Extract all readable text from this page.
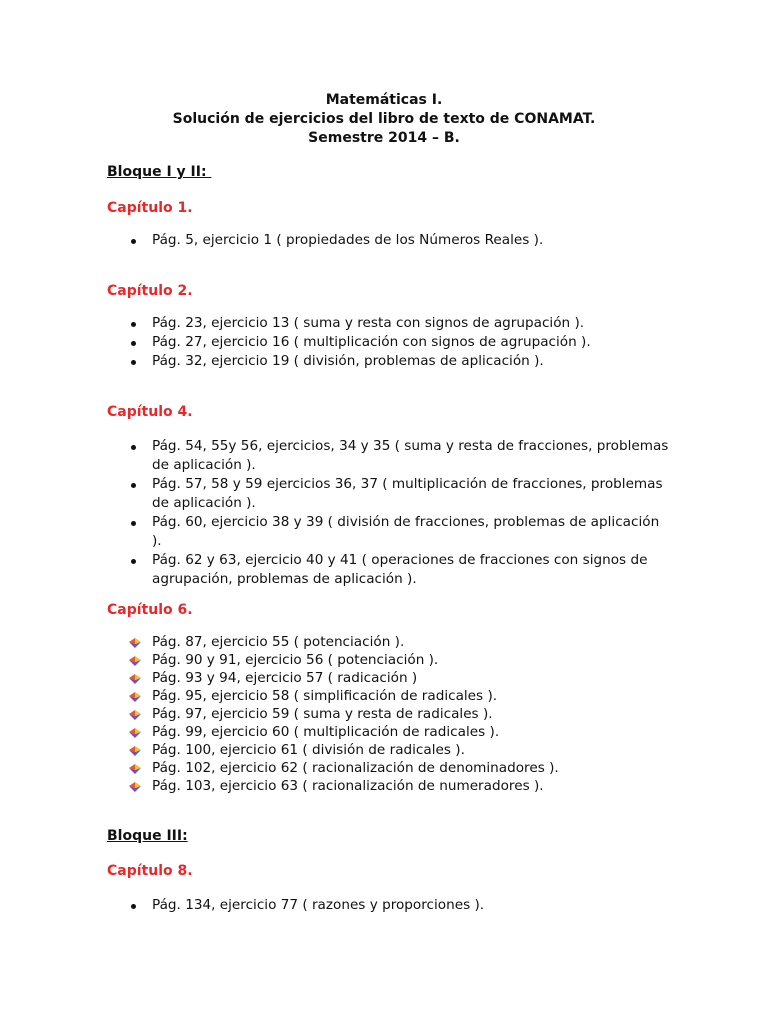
Matemáticas I.
Solución de ejercicios del libro de texto de CONAMAT.
Semestre 2014 – B.
Bloque I y II:
Capítulo 1.
Pág. 5, ejercicio 1 ( propiedades de los Números Reales ).
Capítulo 2.
Pág. 23, ejercicio 13 ( suma y resta con signos de agrupación ).
Pág. 27, ejercicio 16 ( multiplicación con signos de agrupación ).
Pág. 32, ejercicio 19 ( división, problemas de aplicación ).
Capítulo 4.
Pág. 54, 55y 56, ejercicios, 34 y 35 ( suma y resta de fracciones, problemas de aplicación ).
Pág. 57, 58 y 59 ejercicios 36, 37 ( multiplicación de fracciones, problemas de aplicación ).
Pág. 60, ejercicio 38 y 39 ( división de fracciones, problemas de aplicación ).
Pág. 62 y 63, ejercicio 40 y 41 ( operaciones de fracciones con signos de agrupación, problemas de aplicación ).
Capítulo 6.
Pág. 87, ejercicio 55 ( potenciación ).
Pág. 90 y 91, ejercicio 56 ( potenciación ).
Pág. 93 y 94, ejercicio 57 ( radicación )
Pág. 95, ejercicio 58 ( simplificación de radicales ).
Pág. 97, ejercicio 59 ( suma y resta de radicales ).
Pág. 99, ejercicio 60 ( multiplicación de radicales ).
Pág. 100, ejercicio 61 ( división de radicales ).
Pág. 102, ejercicio 62 ( racionalización de denominadores ).
Pág. 103, ejercicio 63 ( racionalización de numeradores ).
Bloque III:
Capítulo 8.
Pág. 134, ejercicio 77 ( razones y proporciones ).
